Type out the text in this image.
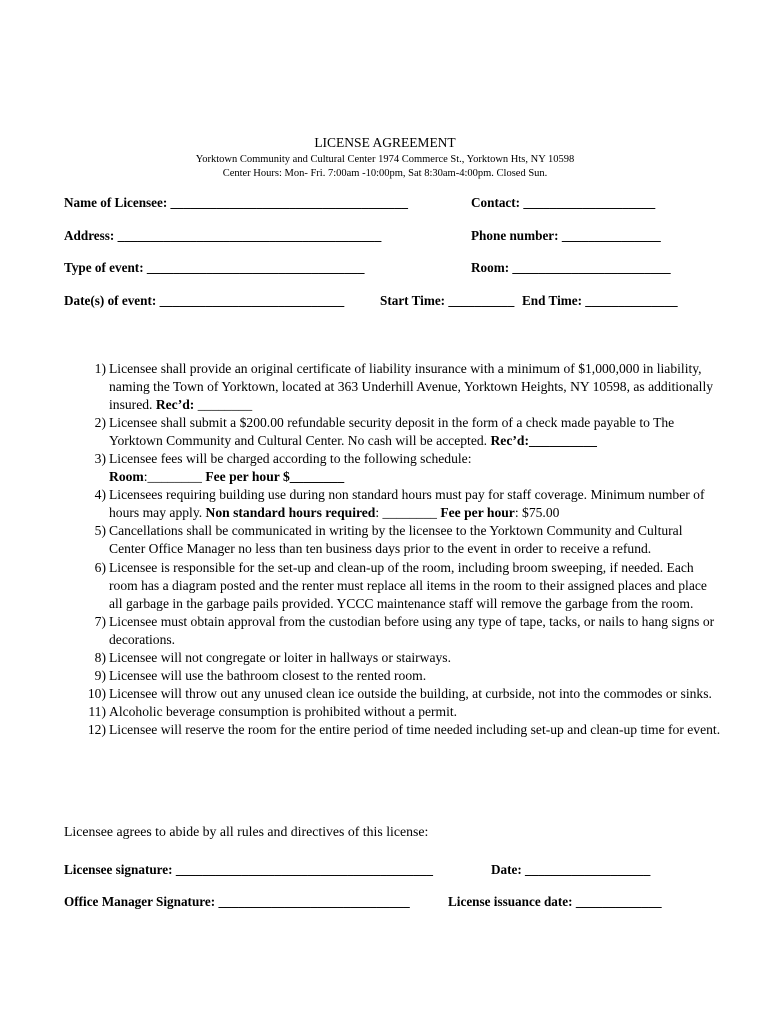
LICENSE AGREEMENT
Yorktown Community and Cultural Center 1974 Commerce St., Yorktown Hts, NY 10598
Center Hours: Mon- Fri. 7:00am -10:00pm, Sat 8:30am-4:00pm. Closed Sun.
Name of Licensee: ____________________________________	Contact: ____________________
Address: ________________________________________	Phone number: _______________
Type of event: _________________________________	Room: ________________________
Date(s) of event: ____________________________	Start Time: __________ End Time: ______________
1) Licensee shall provide an original certificate of liability insurance with a minimum of $1,000,000 in liability, naming the Town of Yorktown, located at 363 Underhill Avenue, Yorktown Heights, NY 10598, as additionally insured. Rec’d: ________
2) Licensee shall submit a $200.00 refundable security deposit in the form of a check made payable to The Yorktown Community and Cultural Center. No cash will be accepted. Rec’d:__________
3) Licensee fees will be charged according to the following schedule:
Room:________ Fee per hour $________
4) Licensees requiring building use during non standard hours must pay for staff coverage. Minimum number of hours may apply. Non standard hours required: ________ Fee per hour: $75.00
5) Cancellations shall be communicated in writing by the licensee to the Yorktown Community and Cultural Center Office Manager no less than ten business days prior to the event in order to receive a refund.
6) Licensee is responsible for the set-up and clean-up of the room, including broom sweeping, if needed. Each room has a diagram posted and the renter must replace all items in the room to their assigned places and place all garbage in the garbage pails provided. YCCC maintenance staff will remove the garbage from the room.
7) Licensee must obtain approval from the custodian before using any type of tape, tacks, or nails to hang signs or decorations.
8) Licensee will not congregate or loiter in hallways or stairways.
9) Licensee will use the bathroom closest to the rented room.
10) Licensee will throw out any unused clean ice outside the building, at curbside, not into the commodes or sinks.
11) Alcoholic beverage consumption is prohibited without a permit.
12) Licensee will reserve the room for the entire period of time needed including set-up and clean-up time for event.
Licensee agrees to abide by all rules and directives of this license:
Licensee signature: _______________________________________	Date: ___________________
Office Manager Signature: _____________________________	License issuance date: _____________
